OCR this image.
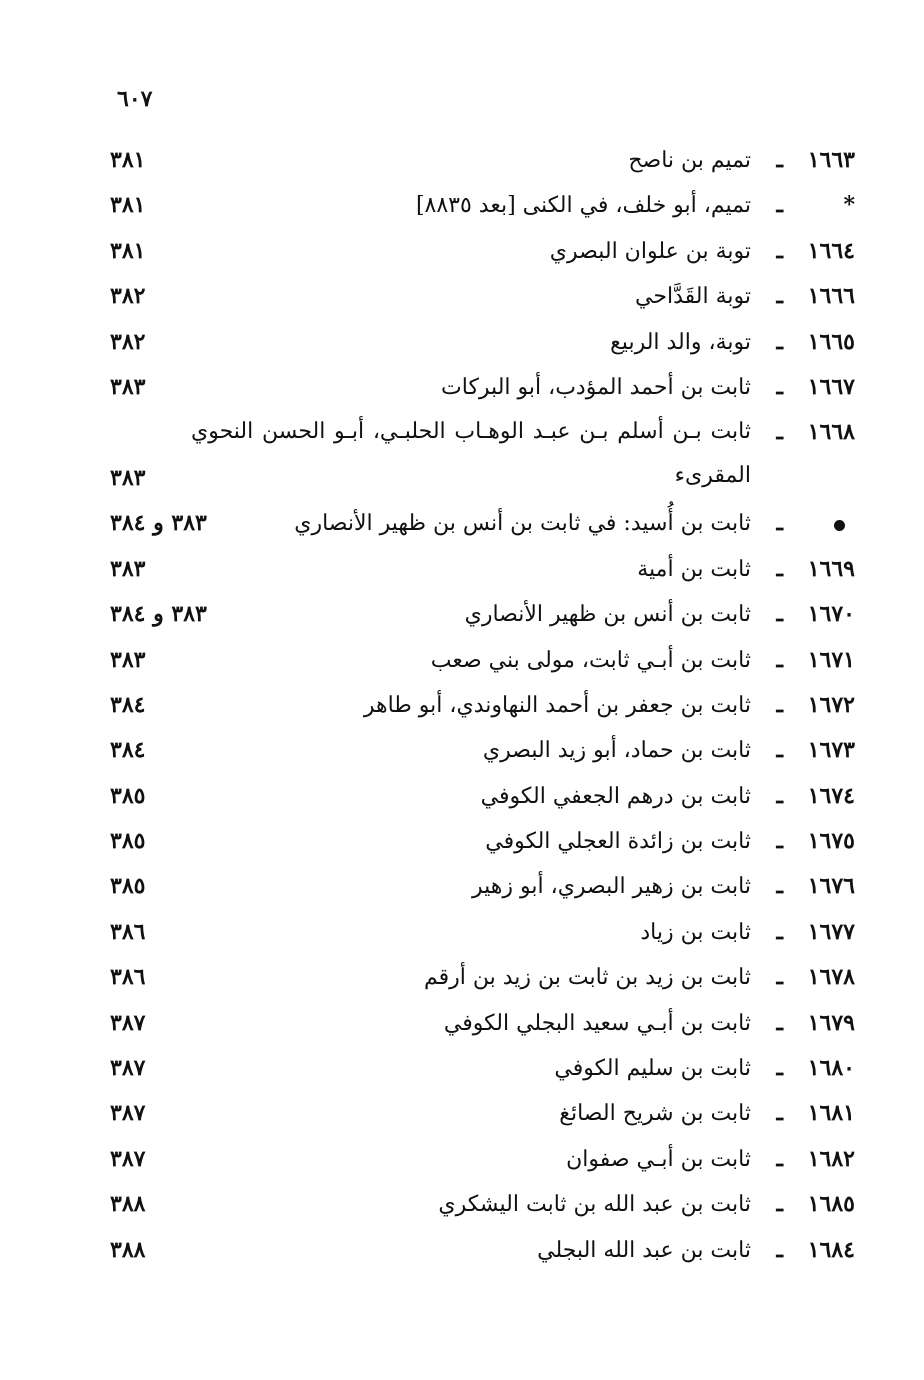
٦٠٧
١٦٦٣
ـ
تميم بن ناصح
٣٨١
*
ـ
تميم، أبو خلف، في الكنى [بعد ٨٨٣٥]
٣٨١
١٦٦٤
ـ
توبة بن علوان البصري
٣٨١
١٦٦٦
ـ
توبة القَدَّاحي
٣٨٢
١٦٦٥
ـ
توبة، والد الربيع
٣٨٢
١٦٦٧
ـ
ثابت بن أحمد المؤدب، أبو البركات
٣٨٣
١٦٦٨
ـ
ثابت بـن أسلم بـن عبـد الوهـاب الحلبـي، أبـو الحسن النحوي المقرىء
٣٨٣
ـ
ثابت بن أُسيد: في ثابت بن أنس بن ظهير الأنصاري
٣٨٣ و ٣٨٤
١٦٦٩
ـ
ثابت بن أمية
٣٨٣
١٦٧٠
ـ
ثابت بن أنس بن ظهير الأنصاري
٣٨٣ و ٣٨٤
١٦٧١
ـ
ثابت بن أبـي ثابت، مولى بني صعب
٣٨٣
١٦٧٢
ـ
ثابت بن جعفر بن أحمد النهاوندي، أبو طاهر
٣٨٤
١٦٧٣
ـ
ثابت بن حماد، أبو زيد البصري
٣٨٤
١٦٧٤
ـ
ثابت بن درهم الجعفي الكوفي
٣٨٥
١٦٧٥
ـ
ثابت بن زائدة العجلي الكوفي
٣٨٥
١٦٧٦
ـ
ثابت بن زهير البصري، أبو زهير
٣٨٥
١٦٧٧
ـ
ثابت بن زياد
٣٨٦
١٦٧٨
ـ
ثابت بن زيد بن ثابت بن زيد بن أرقم
٣٨٦
١٦٧٩
ـ
ثابت بن أبـي سعيد البجلي الكوفي
٣٨٧
١٦٨٠
ـ
ثابت بن سليم الكوفي
٣٨٧
١٦٨١
ـ
ثابت بن شريح الصائغ
٣٨٧
١٦٨٢
ـ
ثابت بن أبـي صفوان
٣٨٧
١٦٨٥
ـ
ثابت بن عبد الله بن ثابت اليشكري
٣٨٨
١٦٨٤
ـ
ثابت بن عبد الله البجلي
٣٨٨
